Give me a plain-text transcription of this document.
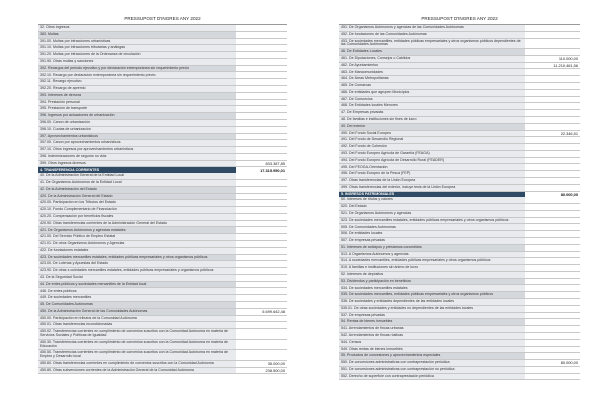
PRESSUPOST D'INGRES ANY 2022
32. Otros ingresos
383. Multas
391.00. Multas por infracciones urbanísticas
391.10. Multas por infracciones tributarias y análogas
391.20. Multas por infracciones de la Ordenanza de circulación
391.90. Otras multas y sanciones
392. Recargos del periodo ejecutivo y por declaración extemporánea sin requerimiento previo
392.10. Recargo por declaración extemporánea sin requerimiento previo
392.11. Recargo ejecutivo
392.20. Recargo de apremio
393. Intereses de demora
394. Prestación personal
395. Prestación de transporte
396. Ingresos por actuaciones de urbanización
396.00. Canon de urbanización
396.10. Cuotas de urbanización
397. Aprovechamientos urbanísticos
397.00. Canon por aprovechamientos urbanísticos
397.10. Otros ingresos por aprovechamientos urbanísticos
398. Indemnizaciones de seguros no vida
399. Otros ingresos diversos	833.387,85
4. TRANSFERENCIA CORRIENTES	17.315.950,01
40. De la Administración General de la Entidad Local
41. De Organismos Autónomos de la Entidad Local
42. De la Administración del Estado
420. De la Administración General del Estado
420.00. Participación en los Tributos del Estado
420.10. Fondo Complementario de Financiación
420.20. Compensación por beneficios fiscales
420.90. Otras transferencias corrientes de la Administración General del Estado
421. De Organismos Autónomos y agencias estatales
421.00. Del Servicio Público de Empleo Estatal
421.01. De otros Organismos Autónomos y Agencias
422. De fundaciones estatales
423. De sociedades mercantiles estatales, entidades públicas empresariales y otros organismos públicos
423.00. De Loterías y Apuestas del Estado
423.90. De otras s ociedades mercantiles estatales, entidades públicas empresariales y organismos públicos
43. De la Seguridad Social
44. De entes públicos y sociedades mercantiles de la Entidad local
446. De entes públicos
449. De sociedades mercantiles
45. De Comunidades Autónomas
450. De la Administración General de las Comunidades Autónomas	5.699.642,48
450.00. Participación en tributos de la Comunidad Autónoma
450.01. Otras transferencias incondicionadas
450.02. Transferencias corrientes en cumplimiento de convenios suscritos con la Comunidad Autónoma en materia de Servicios Sociales y Políticas de Igualdad
450.30. Transferencias corrientes en cumplimiento de convenios suscritos con la Comunidad Autónoma en materia de Educación
450.50. Transferencias corrientes en cumplimiento de convenios suscritos con la Comunidad Autónoma en materia de Empleo y Desarrollo local
450.60. Otras transferencias corrientes en cumplimiento de convenios suscritos con la Comunidad Autónoma	35.000,00
450.80. Otras subvenciones corrientes de la Administración General de la Comunidad Autónoma	238.500,00
PRESSUPOST D'INGRES ANY 2022
451. De Organismos Autónomos y agencias de las Comunidades Autónomas
452. De fundaciones de las Comunidades Autónomas
453. De sociedades mercantiles, entidades públicas empresariales y otros organismos públicos dependientes de las Comunidades Autónomas
46. De Entidades Locales
461. De Diputaciones, Consejos o Cabildos	110.000,00
462. De Ayuntamientos	11.210.461,56
463. De Mancomunidades
464. De Áreas Metropolitanas
465. De Comarcas
466. De entidades que agrupen Municipios
467. De Consorcios
468. De Entidades locales Menores
47. De Empresas privadas
48. De familias e instituciones sin fines de lucro
49. Del exterior
490. Del Fondo Social Europeo	22.346,51
491. Del Fondo de Desarrollo Regional
492. Del Fondo de Cohesión
493. Del Fondo Europeo Agrícola de Garantía (FEAGA)
494. Del Fondo Europeo Agrícola de Desarrollo Rural (FEADER)
495. Del FEOGA-Orientación
496. Del Fondo Europeo de la Pesca (FEP)
497. Otras transferencias de la Unión Europea
499. Otras transferencias del exterior, incluye tesis de la Unión Europea
5. INGRESOS PATRIMONIALES	80.000,00
50. Intereses de títulos y valores
520. Del Estado
521. De Organismos Autónomos y agencias
523. De sociedades mercantiles estatales, entidades públicas empresariales y otros organismos públicos
505. De Comunidades Autónomas
506. De entidades locales
507. De empresas privadas
51. Intereses de anticipos y préstamos concedidos
513. A Organismos Autónomos y agencias
514. A sociedades mercantiles, entidades públicas empresariales y otros organismos públicos
519. A familias e instituciones sin ánimo de lucro
52. Intereses de depósitos
53. Dividendos y participación en beneficios
534. De sociedades mercantiles estatales
535. De sociedades mercantiles, entidades públicas empresariales y otros organismos públicos
536. De sociedades y entidades dependientes de las entidades locales
535.01. De otras sociedades y entidades no dependientes de las entidades locales
537. De empresas privadas
54. Rentas de bienes inmuebles
541. Arrendamientos de fincas urbanas
542. Arrendamientos de fincas rústicas
544. Censos
549. Otras rentas de bienes inmuebles
55. Productos de concesiones y aprovechamientos especiales
550. De concesiones administrativas con contraprestación periódica	80.000,00
551. De concesiones administrativas con contraprestación no periódica
552. Derecho de superficie con contraprestación periódica
